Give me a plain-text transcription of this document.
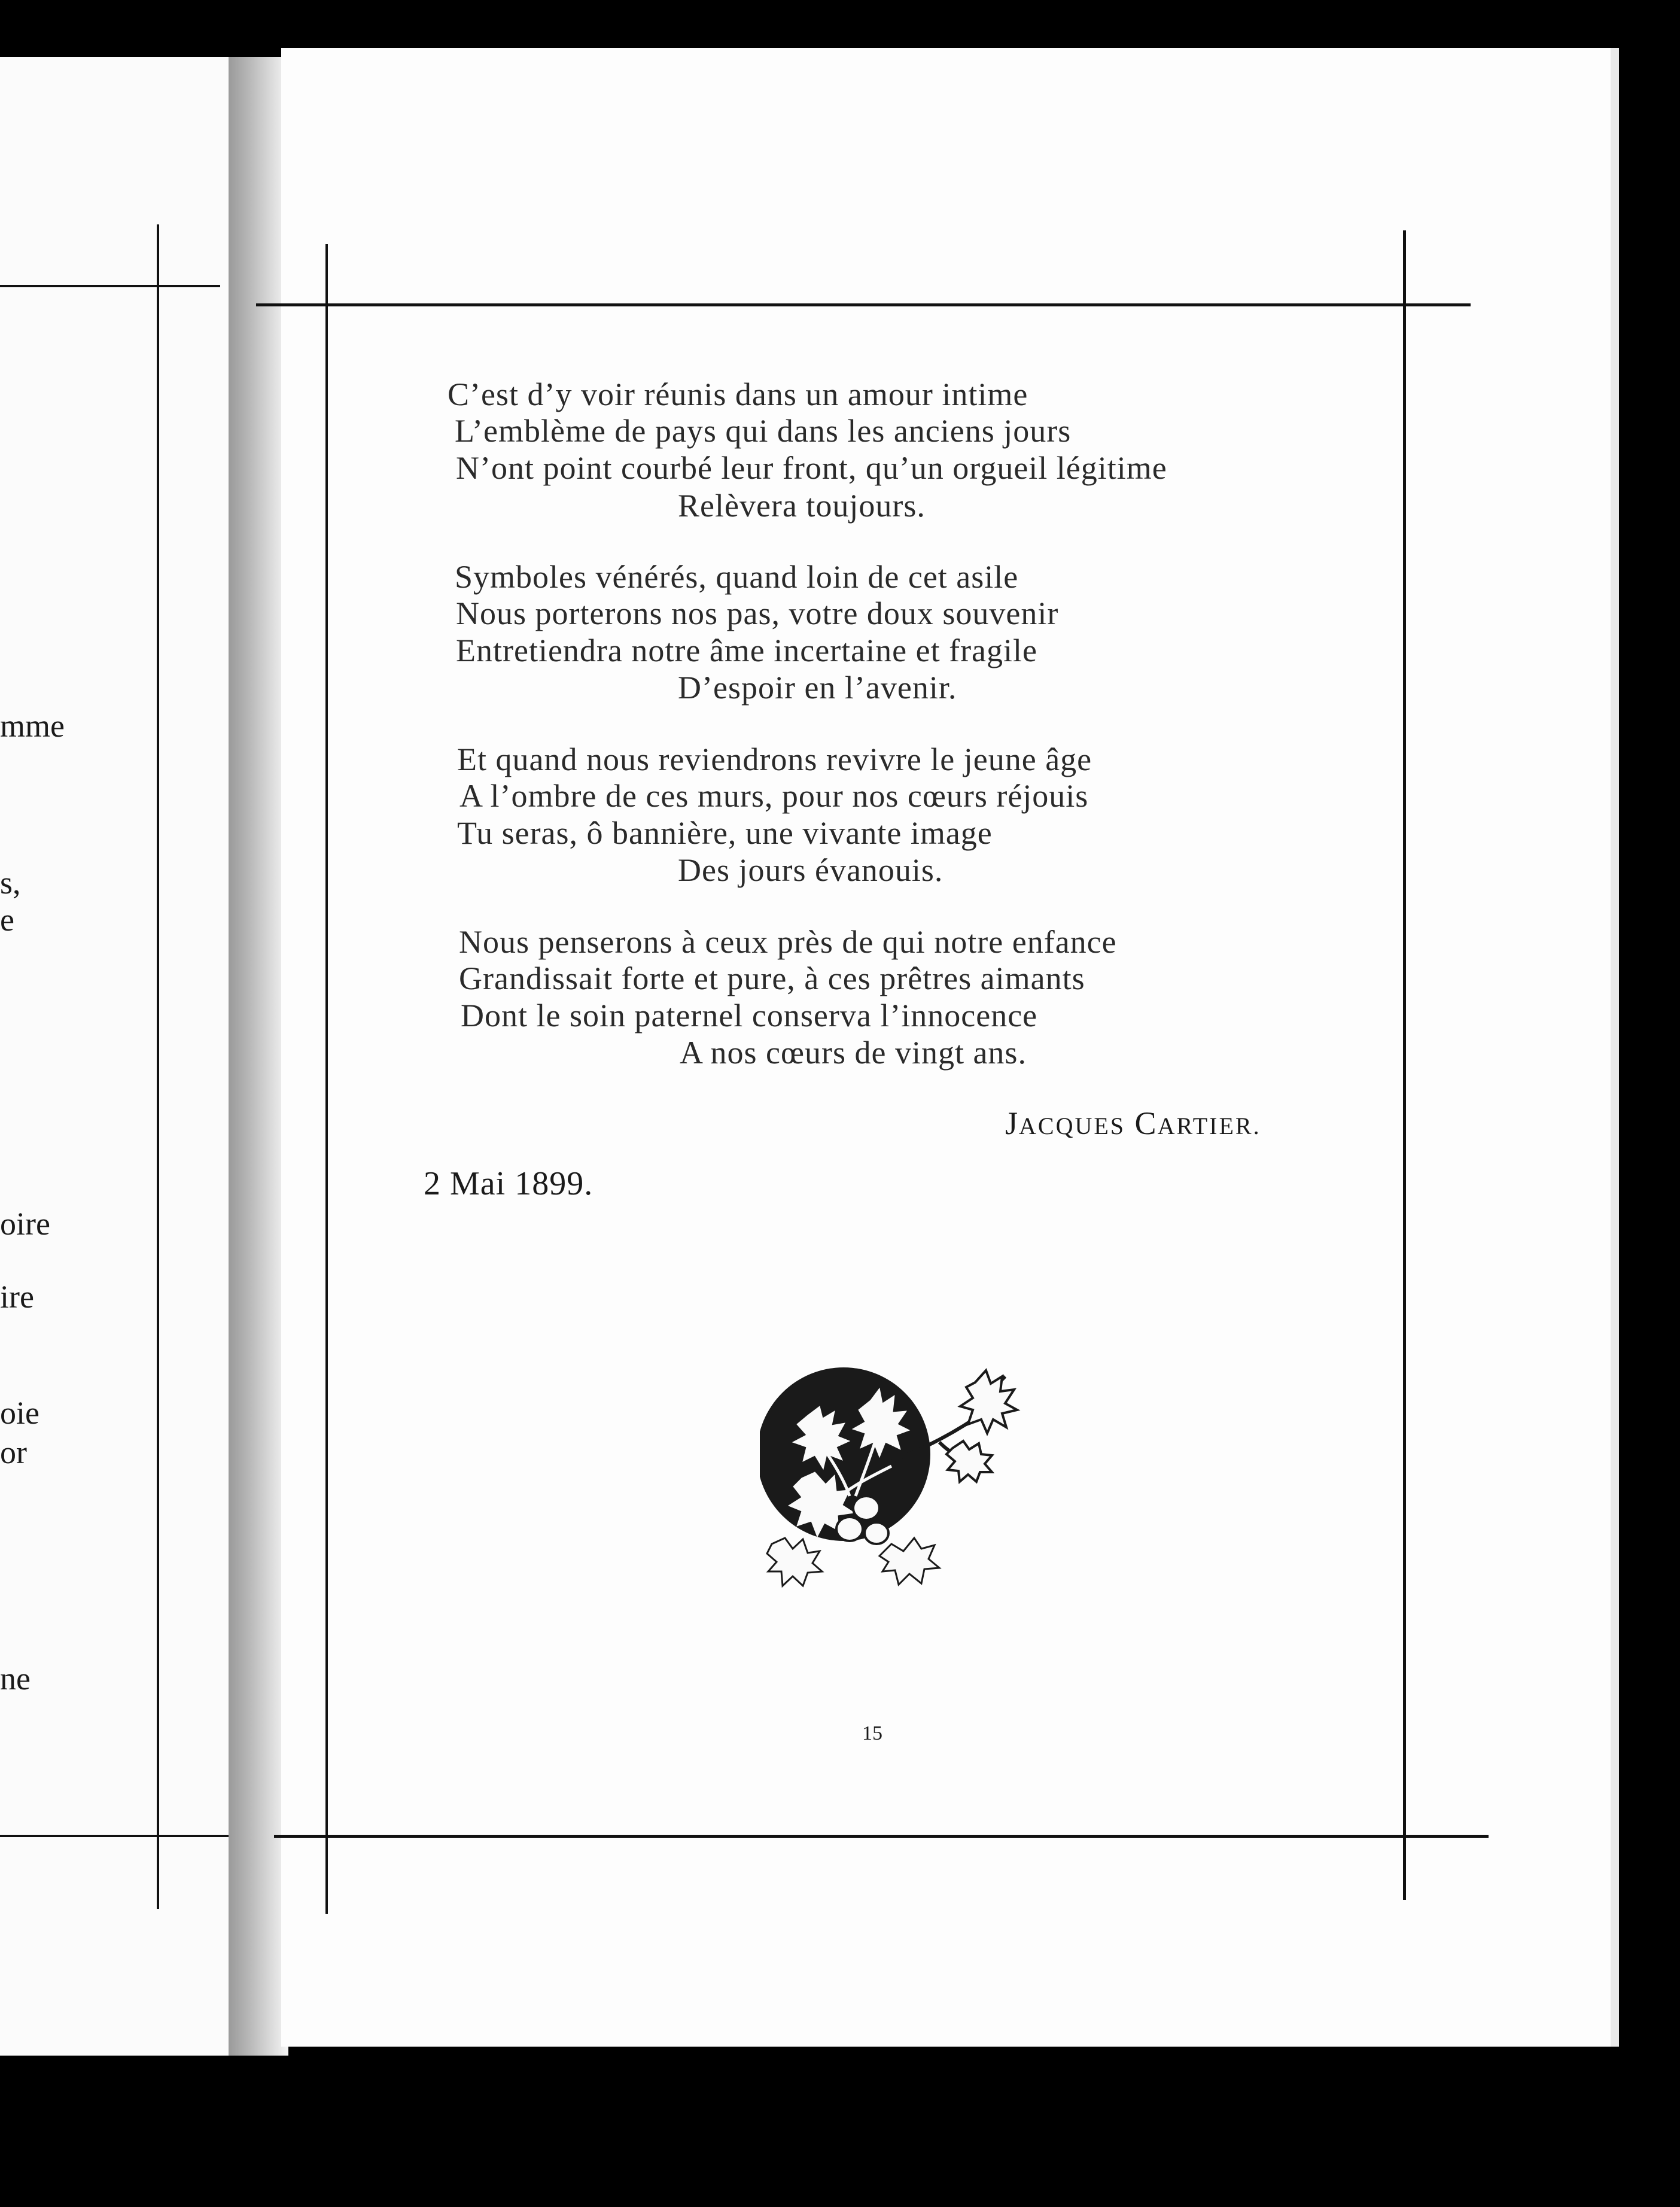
mme
s,
e
oire
ire
oie
or
ne
C’est d’y voir réunis dans un amour intime
L’emblème de pays qui dans les anciens jours
N’ont point courbé leur front, qu’un orgueil légitime
Relèvera toujours.
Symboles vénérés, quand loin de cet asile
Nous porterons nos pas, votre doux souvenir
Entretiendra notre âme incertaine et fragile
D’espoir en l’avenir.
Et quand nous reviendrons revivre le jeune âge
A l’ombre de ces murs, pour nos cœurs réjouis
Tu seras, ô bannière, une vivante image
Des jours évanouis.
Nous penserons à ceux près de qui notre enfance
Grandissait forte et pure, à ces prêtres aimants
Dont le soin paternel conserva l’innocence
A nos cœurs de vingt ans.
JACQUES CARTIER.
2 Mai 1899.
15
